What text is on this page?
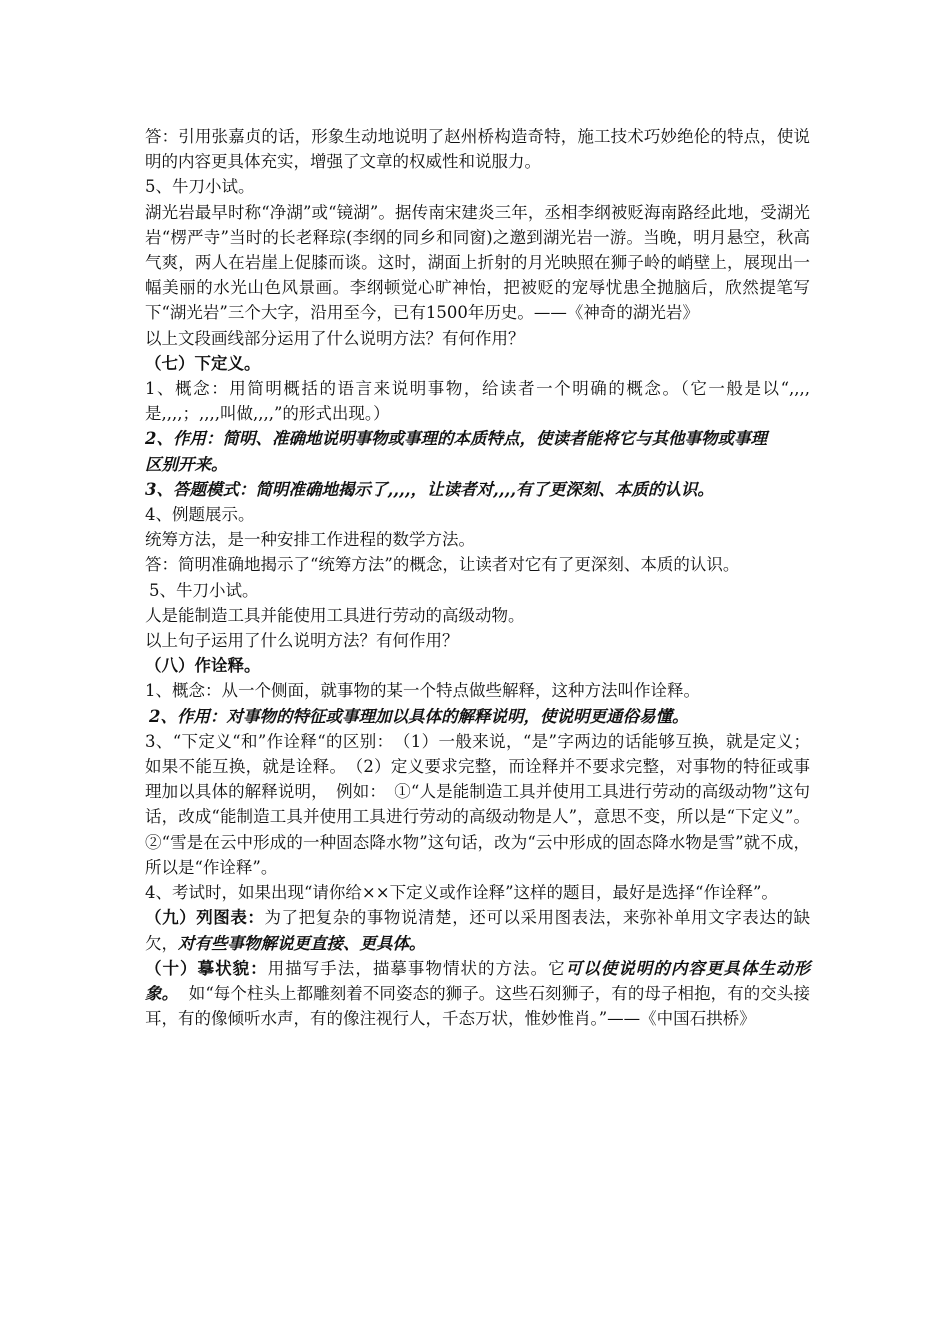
答：引用张嘉贞的话，形象生动地说明了赵州桥构造奇特，施工技术巧妙绝伦的特点，使说明的内容更具体充实，增强了文章的权威性和说服力。

5、牛刀小试。

湖光岩最早时称“净湖”或“镜湖”。据传南宋建炎三年，丞相李纲被贬海南路经此地，受湖光岩“楞严寺”当时的长老释琮(李纲的同乡和同窗)之邀到湖光岩一游。当晚，明月悬空，秋高气爽，两人在岩崖上促膝而谈。这时，湖面上折射的月光映照在狮子岭的峭壁上，展现出一幅美丽的水光山色风景画。李纲顿觉心旷神怡，把被贬的宠辱忧患全抛脑后，欣然提笔写下“湖光岩”三个大字，沿用至今，已有1500年历史。——《神奇的湖光岩》

以上文段画线部分运用了什么说明方法？有何作用？

（七）下定义。

1、概念：用简明概括的语言来说明事物，给读者一个明确的概念。（它一般是以“,,,,是,,,,；,,,,叫做,,,,”的形式出现。）

2、作用：简明、准确地说明事物或事理的本质特点，使读者能将它与其他事物或事理

区别开来。

3、答题模式：简明准确地揭示了,,,,，让读者对,,,,有了更深刻、本质的认识。

4、例题展示。

统筹方法，是一种安排工作进程的数学方法。

答：简明准确地揭示了“统筹方法”的概念，让读者对它有了更深刻、本质的认识。

5、牛刀小试。

人是能制造工具并能使用工具进行劳动的高级动物。

以上句子运用了什么说明方法？有何作用？

（八）作诠释。

1、概念：从一个侧面，就事物的某一个特点做些解释，这种方法叫作诠释。

2、作用：对事物的特征或事理加以具体的解释说明，使说明更通俗易懂。

3、“下定义“和”作诠释“的区别：　（1）一般来说，“是”字两边的话能够互换，就是定义；如果不能互换，就是诠释。　（2）定义要求完整，而诠释并不要求完整，对事物的特征或事理加以具体的解释说明，　例如：　①“人是能制造工具并使用工具进行劳动的高级动物”这句话，改成“能制造工具并使用工具进行劳动的高级动物是人”，意思不变，所以是“下定义”。②“雪是在云中形成的一种固态降水物”这句话，改为“云中形成的固态降水物是雪”就不成，所以是“作诠释”。

4、考试时，如果出现“请你给××下定义或作诠释”这样的题目，最好是选择“作诠释”。

（九）列图表：为了把复杂的事物说清楚，还可以采用图表法，来弥补单用文字表达的缺欠，对有些事物解说更直接、更具体。

（十）摹状貌：用描写手法，描摹事物情状的方法。它可以使说明的内容更具体生动形象。 如“每个柱头上都雕刻着不同姿态的狮子。这些石刻狮子，有的母子相抱，有的交头接耳，有的像倾听水声，有的像注视行人，千态万状，惟妙惟肖。”——《中国石拱桥》
